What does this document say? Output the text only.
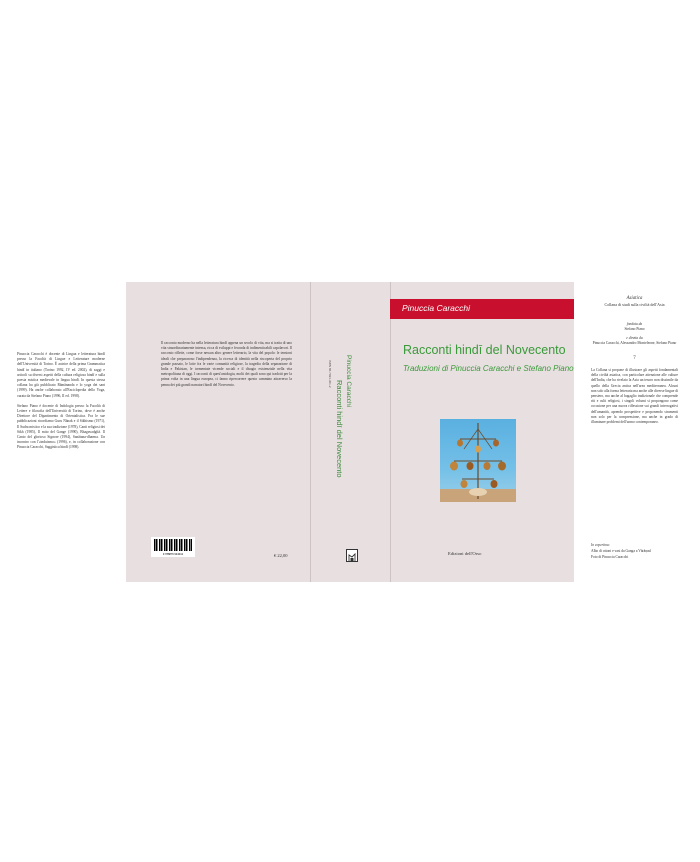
Pinuccia Caracchi è docente di Lingua e letteratura hindī presso la Facoltà di Lingue e Letterature moderne dell'Università di Torino. È autrice della prima Grammatica hindī in italiano (Torino 1992, IV ed. 2002), di saggi e articoli su diversi aspetti della cultura religiosa hindī e sulla poesia mistica medievale in lingua hindī. In questa stessa collana ha già pubblicato Rāmānanda e lo yoga dei sant (1999). Ha anche collaborato all'Enciclopedia dello Yoga, curata da Stefano Piano (1996, II ed. 1998).

Stefano Piano è docente di Indologia presso la Facoltà di Lettere e filosofia dell'Università di Torino, dove è anche Direttore del Dipartimento di Orientalistica. Fra le sue pubblicazioni ricordiamo Guru Nānak e il Sikhismo (1971), Il Sudra mistico e la sua tradizione (1978), Canti religiosi dei Sikh (1985), Il mito del Gange (1990), Bhagavadgītā. Il Canto del glorioso Signore (1994), Sanātana-dharma. Un incontro con l'«induismo» (1996), e, in collaborazione con Pinuccia Caracchi, Saggistica hindī (1998).

Il racconto moderno ha nella letteratura hindī appena un secolo di vita, ma si tratta di uno vita straordinariamente intensa, ricca di sviluppi e feconda di indimenticabili capolavori. Il racconto riflette, come forse nessun altro genere letterario, la vita del popolo: le tensioni ideali che prepararono l'indipendenza, la ricerca di identità nella riscoperta del proprio grande passato, le lotte fra le varie comunità religiose, la tragedia della separazione di India e Pakistan, le tormentate vicende sociali e il disagio esistenziale nella vita metropolitana di oggi. I racconti di quest'antologia, molti dei quali sono qui tradotti per la prima volta in una lingua europea, ci fanno ripercorrere questo cammino attraverso la penna dei più grandi narratori hindī del Novecento.
9 788876 943012	€ 22,00
ISBN 88-7694-301-2 Pinuccia Caracchi
Racconti hindī del Novecento
Pinuccia Caracchi
Racconti hindī del Novecento
Traduzioni di Pinuccia Caracchi e Stefano Piano
Edizioni dell'Orso
Asiatica
Collana di studi sulla civiltà dell'Asia
fondata da
Stefano Piano
e diretta da
Pinuccia Caracchi, Alessandro Monteleone, Stefano Piano
7
La Collana si propone di illustrare gli aspetti fondamentali della civiltà asiatica, con particolare attenzione alle culture dell'India, che ha rivelato la Asia un tesoro non dissimile da quello della Grecia antica nell'area mediterranea. Alcuni non solo alla forma letteraria ma anche alle diverse lingue di pensiero, ma anche al bagaglio tradizionale che comprende riti e culti religiosi, i singoli volumi si propongono come occasione per una nuova riflessione sui grandi interrogativi dell'umanità, aprendo prospettive e proponendo strumenti non solo per la comprensione, ma anche in grado di illuminare problemi dell'uomo contemporaneo.
In copertina:
Albo di ottoni e vasi da Ganga a Vārāṇasī
Foto di Pinuccia Caracchi
